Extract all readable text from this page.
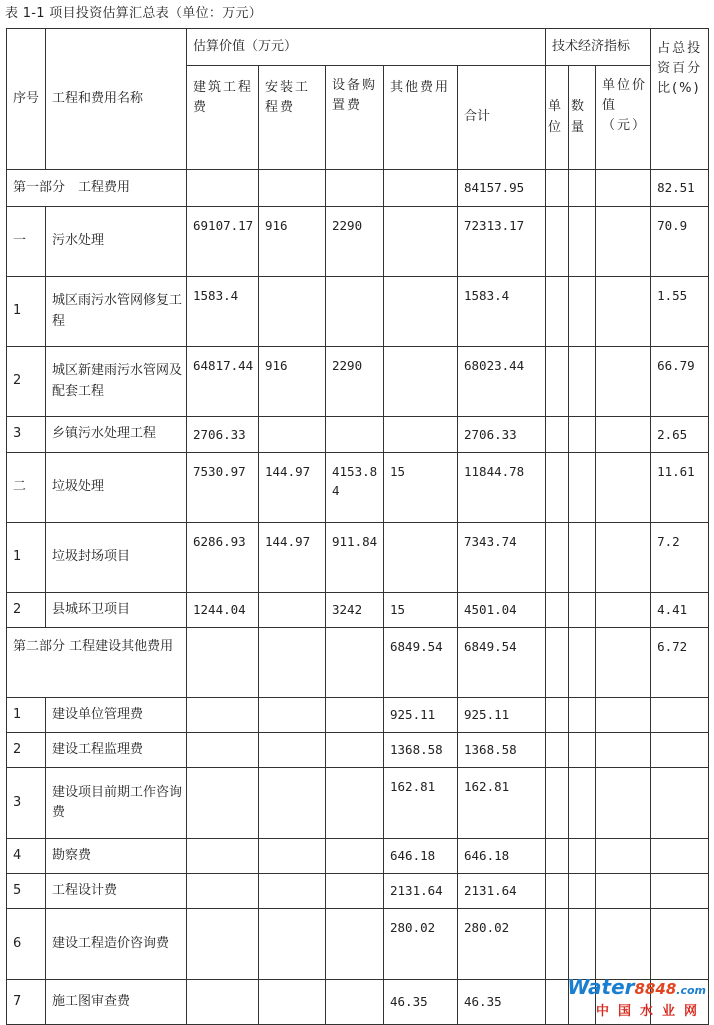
表 1-1 项目投资估算汇总表（单位：万元）
序号	工程和费用名称	估算价值（万元）					技术经济指标			占总投资百分比(%)
		建筑工程费	安装工程费	设备购置费	其他费用	合计	单位	数量	单位价值（元）	
第一部分　工程费用						84157.95				82.51
一	污水处理	69107.17	916	2290		72313.17				70.9
1	城区雨污水管网修复工程	1583.4				1583.4				1.55
2	城区新建雨污水管网及配套工程	64817.44	916	2290		68023.44				66.79
3	乡镇污水处理工程	2706.33				2706.33				2.65
二	垃圾处理	7530.97	144.97	4153.84	15	11844.78				11.61
1	垃圾封场项目	6286.93	144.97	911.84		7343.74				7.2
2	县城环卫项目	1244.04		3242	15	4501.04				4.41
第二部分 工程建设其他费用					6849.54	6849.54				6.72
1	建设单位管理费				925.11	925.11				
2	建设工程监理费				1368.58	1368.58				
3	建设项目前期工作咨询费				162.81	162.81				
4	勘察费				646.18	646.18				
5	工程设计费				2131.64	2131.64				
6	建设工程造价咨询费				280.02	280.02				
7	施工图审查费				46.35	46.35				
Water8848.com
中国水业网
